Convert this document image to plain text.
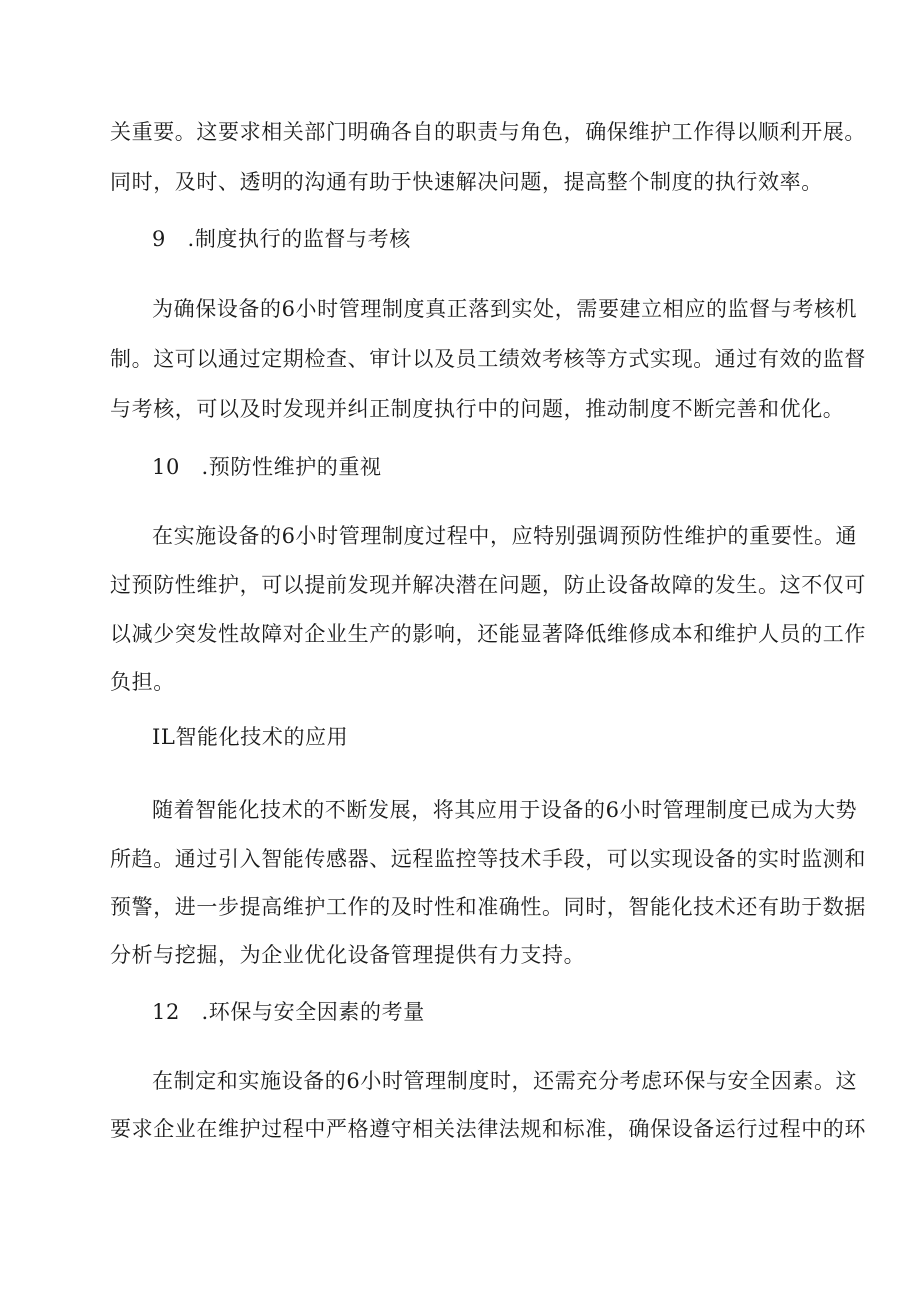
关重要。这要求相关部门明确各自的职责与角色，确保维护工作得以顺利开展。
同时，及时、透明的沟通有助于快速解决问题，提高整个制度的执行效率。
9　.制度执行的监督与考核
为确保设备的6小时管理制度真正落到实处，需要建立相应的监督与考核机
制。这可以通过定期检查、审计以及员工绩效考核等方式实现。通过有效的监督
与考核，可以及时发现并纠正制度执行中的问题，推动制度不断完善和优化。
10　.预防性维护的重视
在实施设备的6小时管理制度过程中，应特别强调预防性维护的重要性。通
过预防性维护，可以提前发现并解决潜在问题，防止设备故障的发生。这不仅可
以减少突发性故障对企业生产的影响，还能显著降低维修成本和维护人员的工作
负担。
IL智能化技术的应用
随着智能化技术的不断发展，将其应用于设备的6小时管理制度已成为大势
所趋。通过引入智能传感器、远程监控等技术手段，可以实现设备的实时监测和
预警，进一步提高维护工作的及时性和准确性。同时，智能化技术还有助于数据
分析与挖掘，为企业优化设备管理提供有力支持。
12　.环保与安全因素的考量
在制定和实施设备的6小时管理制度时，还需充分考虑环保与安全因素。这
要求企业在维护过程中严格遵守相关法律法规和标准，确保设备运行过程中的环
